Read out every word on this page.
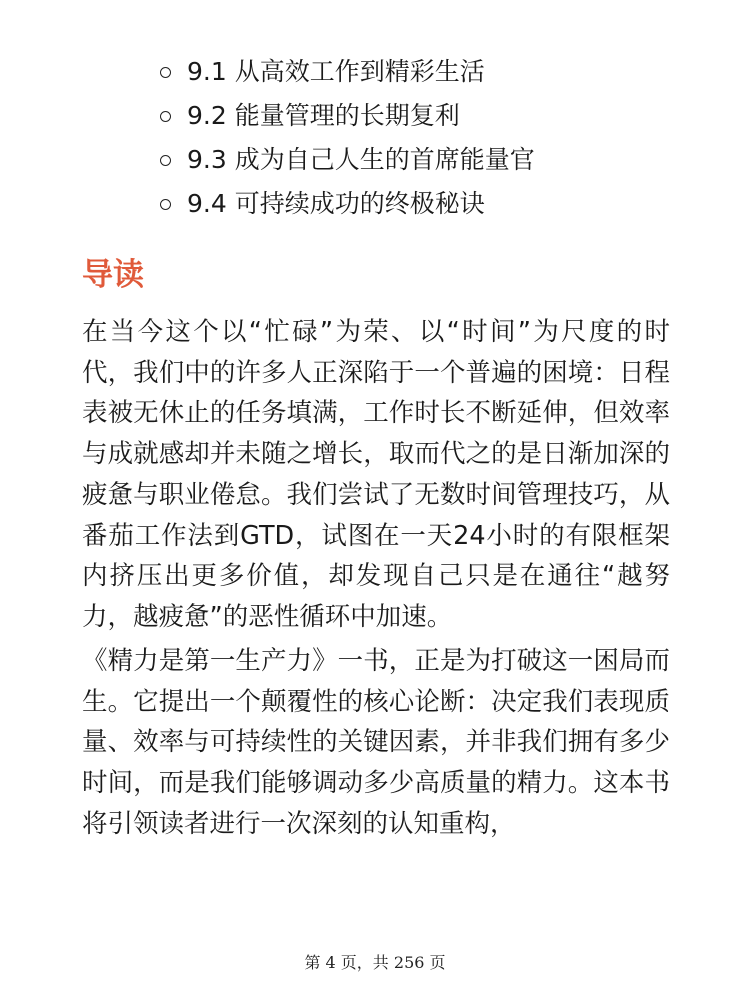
9.1 从高效工作到精彩生活
9.2 能量管理的长期复利
9.3 成为自己人生的首席能量官
9.4 可持续成功的终极秘诀
导读

在当今这个以“忙碌”为荣、以“时间”为尺度的时代，我们中的许多人正深陷于一个普遍的困境：日程表被无休止的任务填满，工作时长不断延伸，但效率与成就感却并未随之增长，取而代之的是日渐加深的疲惫与职业倦怠。我们尝试了无数时间管理技巧，从番茄工作法到GTD，试图在一天24小时的有限框架内挤压出更多价值，却发现自己只是在通往“越努力，越疲惫”的恶性循环中加速。

《精力是第一生产力》一书，正是为打破这一困局而生。它提出一个颠覆性的核心论断：决定我们表现质量、效率与可持续性的关键因素，并非我们拥有多少时间，而是我们能够调动多少高质量的精力。这本书将引领读者进行一次深刻的认知重构，

第 4 页，共 256 页
